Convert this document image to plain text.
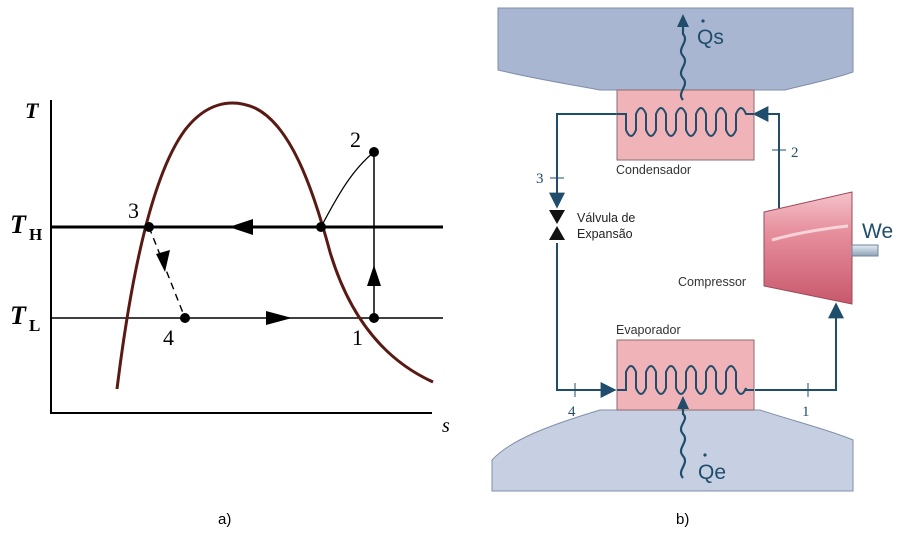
T
s
T H
T L	1
2
3
4
a)
2
3
4	1
Condensador
Evaporador
Válvula de
Expansão
Compressor
We
Qs
Qe
b)
